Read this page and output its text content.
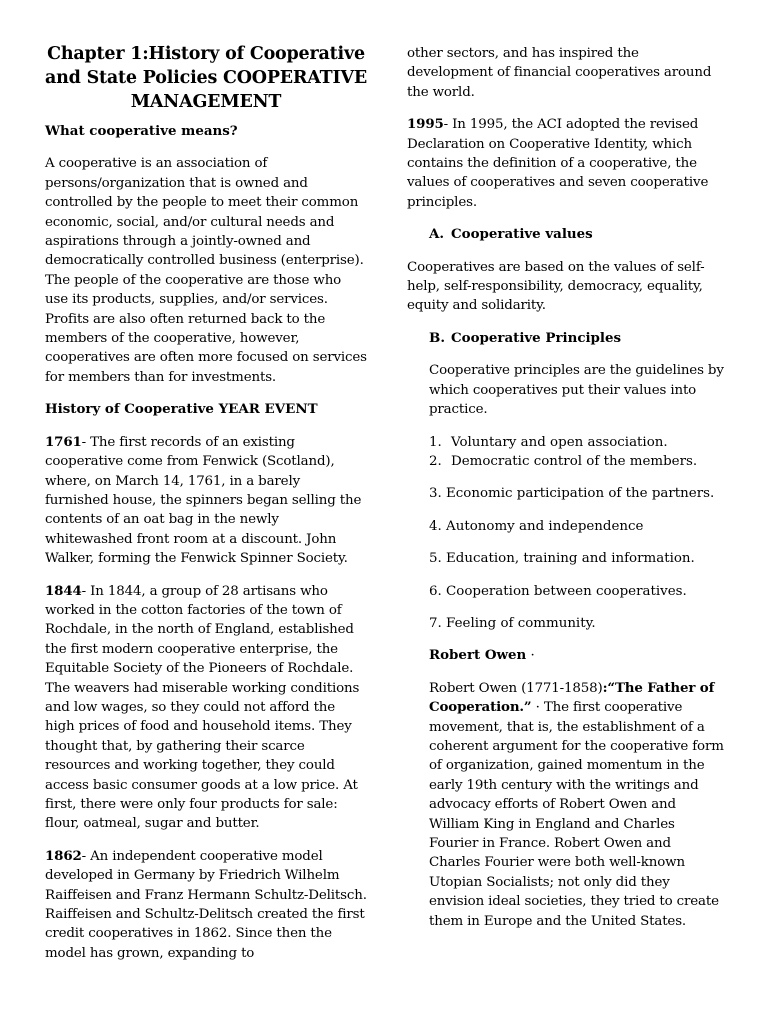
Chapter 1:History of Cooperative and State Policies COOPERATIVE MANAGEMENT
What cooperative means?

A cooperative is an association of persons/organization that is owned and controlled by the people to meet their common economic, social, and/or cultural needs and aspirations through a jointly-owned and democratically controlled business (enterprise). The people of the cooperative are those who use its products, supplies, and/or services. Profits are also often returned back to the members of the cooperative, however, cooperatives are often more focused on services for members than for investments.

History of Cooperative YEAR EVENT

1761- The first records of an existing cooperative come from Fenwick (Scotland), where, on March 14, 1761, in a barely furnished house, the spinners began selling the contents of an oat bag in the newly whitewashed front room at a discount. John Walker, forming the Fenwick Spinner Society.

1844- In 1844, a group of 28 artisans who worked in the cotton factories of the town of Rochdale, in the north of England, established the first modern cooperative enterprise, the Equitable Society of the Pioneers of Rochdale. The weavers had miserable working conditions and low wages, so they could not afford the high prices of food and household items. They thought that, by gathering their scarce resources and working together, they could access basic consumer goods at a low price. At first, there were only four products for sale: flour, oatmeal, sugar and butter.

1862- An independent cooperative model developed in Germany by Friedrich Wilhelm Raiffeisen and Franz Hermann Schultz-Delitsch. Raiffeisen and Schultz-Delitsch created the first credit cooperatives in 1862. Since then the model has grown, expanding to

other sectors, and has inspired the development of financial cooperatives around the world.

1995- In 1995, the ACI adopted the revised Declaration on Cooperative Identity, which contains the definition of a cooperative, the values of cooperatives and seven cooperative principles.

A. Cooperative values

Cooperatives are based on the values of self-help, self-responsibility, democracy, equality, equity and solidarity.

B. Cooperative Principles

Cooperative principles are the guidelines by which cooperatives put their values into practice.

1. Voluntary and open association.
2. Democratic control of the members.
3. Economic participation of the partners.
4. Autonomy and independence
5. Education, training and information.
6. Cooperation between cooperatives.
7. Feeling of community.
Robert Owen ·

Robert Owen (1771-1858):“The Father of Cooperation.” · The first cooperative movement, that is, the establishment of a coherent argument for the cooperative form of organization, gained momentum in the early 19th century with the writings and advocacy efforts of Robert Owen and William King in England and Charles Fourier in France. Robert Owen and Charles Fourier were both well-known Utopian Socialists; not only did they envision ideal societies, they tried to create them in Europe and the United States.
